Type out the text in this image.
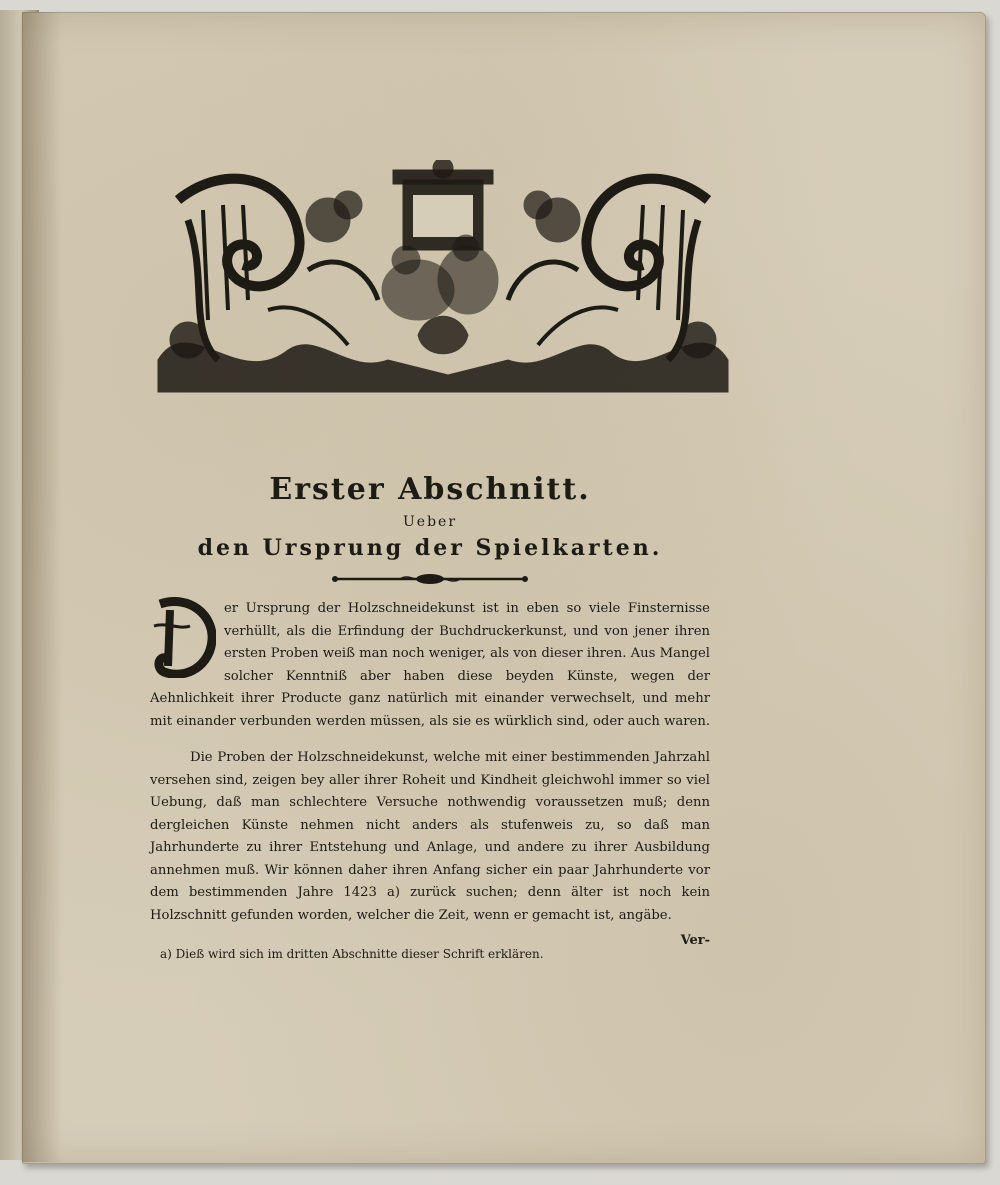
Erster Abschnitt.
Ueber
den Ursprung der Spielkarten.
er Ursprung der Holzschneidekunst ist in eben so viele Finsternisse verhüllt, als die Erfindung der Buchdruckerkunst, und von jener ihren ersten Proben weiß man noch weniger, als von dieser ihren. Aus Mangel solcher Kenntniß aber haben diese beyden Künste, wegen der Aehnlichkeit ihrer Producte ganz natürlich mit einander verwechselt, und mehr mit einander verbunden werden müssen, als sie es würklich sind, oder auch waren.

Die Proben der Holzschneidekunst, welche mit einer bestimmenden Jahrzahl versehen sind, zeigen bey aller ihrer Roheit und Kindheit gleichwohl immer so viel Uebung, daß man schlechtere Versuche nothwendig voraussetzen muß; denn dergleichen Künste nehmen nicht anders als stufenweis zu, so daß man Jahrhunderte zu ihrer Entstehung und Anlage, und andere zu ihrer Ausbildung annehmen muß. Wir können daher ihren Anfang sicher ein paar Jahrhunderte vor dem bestimmenden Jahre 1423 a) zurück suchen; denn älter ist noch kein Holzschnitt gefunden worden, welcher die Zeit, wenn er gemacht ist, angäbe.

Ver-
a) Dieß wird sich im dritten Abschnitte dieser Schrift erklären.
